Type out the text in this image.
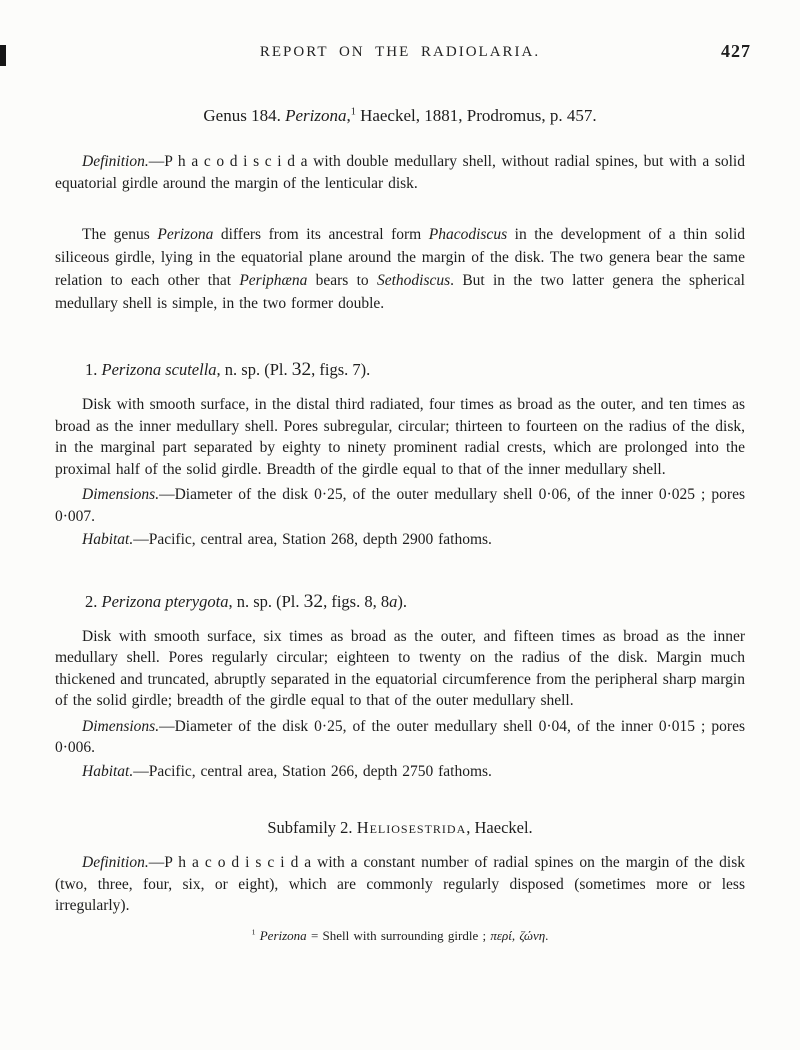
REPORT ON THE RADIOLARIA.	427
Genus 184. Perizona,$^1$ Haeckel, 1881, Prodromus, p. 457.

Definition.—P h a c o d i s c i d a with double medullary shell, without radial spines, but with a solid equatorial girdle around the margin of the lenticular disk.

The genus Perizona differs from its ancestral form Phacodiscus in the development of a thin solid siliceous girdle, lying in the equatorial plane around the margin of the disk. The two genera bear the same relation to each other that Periphæna bears to Sethodiscus. But in the two latter genera the spherical medullary shell is simple, in the two former double.

1. Perizona scutella, n. sp. (Pl. 32, figs. 7).

Disk with smooth surface, in the distal third radiated, four times as broad as the outer, and ten times as broad as the inner medullary shell. Pores subregular, circular; thirteen to fourteen on the radius of the disk, in the marginal part separated by eighty to ninety prominent radial crests, which are prolonged into the proximal half of the solid girdle. Breadth of the girdle equal to that of the inner medullary shell.

Dimensions.—Diameter of the disk 0·25, of the outer medullary shell 0·06, of the inner 0·025 ; pores 0·007.

Habitat.—Pacific, central area, Station 268, depth 2900 fathoms.

2. Perizona pterygota, n. sp. (Pl. 32, figs. 8, 8a).

Disk with smooth surface, six times as broad as the outer, and fifteen times as broad as the inner medullary shell. Pores regularly circular; eighteen to twenty on the radius of the disk. Margin much thickened and truncated, abruptly separated in the equatorial circumference from the peripheral sharp margin of the solid girdle; breadth of the girdle equal to that of the outer medullary shell.

Dimensions.—Diameter of the disk 0·25, of the outer medullary shell 0·04, of the inner 0·015 ; pores 0·006.

Habitat.—Pacific, central area, Station 266, depth 2750 fathoms.

Subfamily 2. Heliosestrida, Haeckel.

Definition.—P h a c o d i s c i d a with a constant number of radial spines on the margin of the disk (two, three, four, six, or eight), which are commonly regularly disposed (sometimes more or less irregularly).

$^1$ Perizona = Shell with surrounding girdle ; περί, ζώνη.
